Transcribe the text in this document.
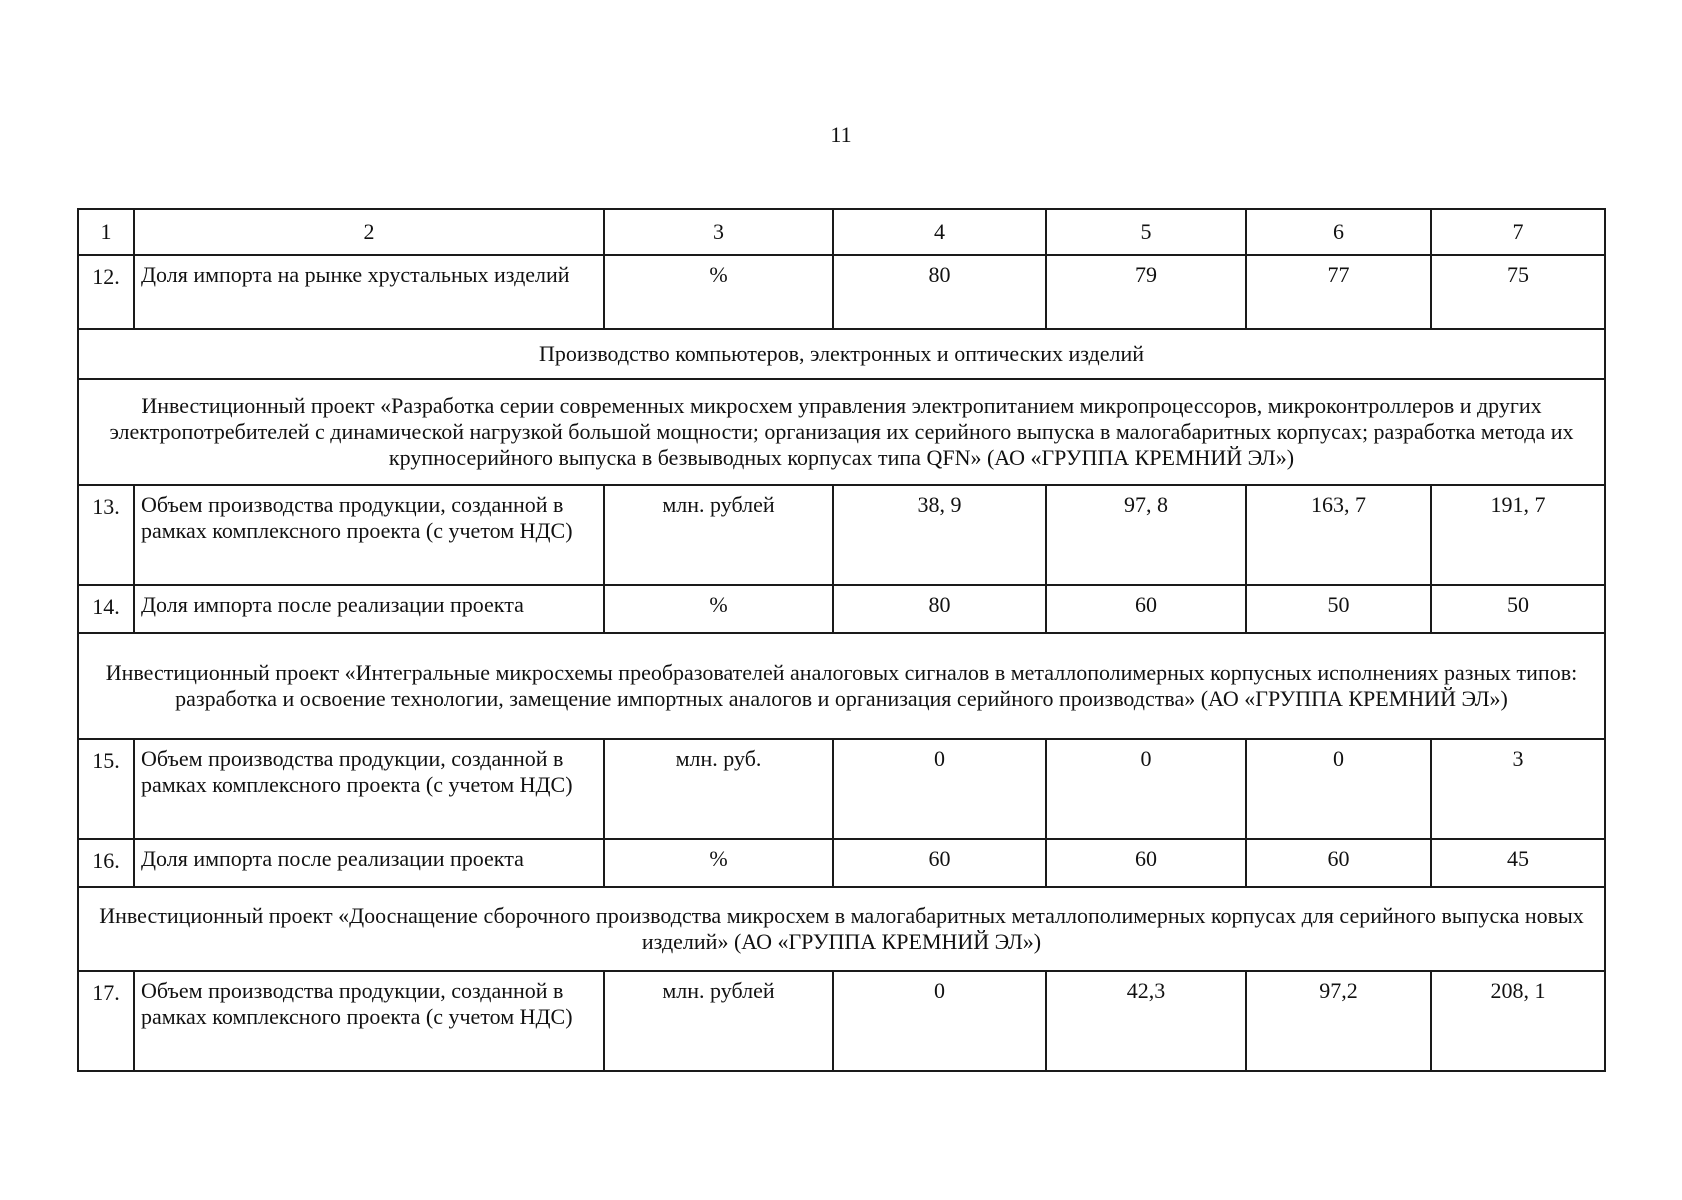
11
1	2	3	4	5	6	7
12.	Доля импорта на рынке хрустальных изделий	%	80	79	77	75
Производство компьютеров, электронных и оптических изделий						
Инвестиционный проект «Разработка серии современных микросхем управления электропитанием микропроцессоров, микроконтроллеров и других электропотребителей с динамической нагрузкой большой мощности; организация их серийного выпуска в малогабаритных корпусах; разработка метода их крупносерийного выпуска в безвыводных корпусах типа QFN» (АО «ГРУППА КРЕМНИЙ ЭЛ»)						
13.	Объем производства продукции, созданной в рамках комплексного проекта (с учетом НДС)	млн. рублей	38, 9	97, 8	163, 7	191, 7
14.	Доля импорта после реализации проекта	%	80	60	50	50
Инвестиционный проект «Интегральные микросхемы преобразователей аналоговых сигналов в металлополимерных корпусных исполнениях разных типов: разработка и освоение технологии, замещение импортных аналогов и организация серийного производства» (АО «ГРУППА КРЕМНИЙ ЭЛ»)						
15.	Объем производства продукции, созданной в рамках комплексного проекта (с учетом НДС)	млн. руб.	0	0	0	3
16.	Доля импорта после реализации проекта	%	60	60	60	45
Инвестиционный проект «Дооснащение сборочного производства микросхем в малогабаритных металлополимерных корпусах для серийного выпуска новых изделий» (АО «ГРУППА КРЕМНИЙ ЭЛ»)						
17.	Объем производства продукции, созданной в рамках комплексного проекта (с учетом НДС)	млн. рублей	0	42,3	97,2	208, 1
